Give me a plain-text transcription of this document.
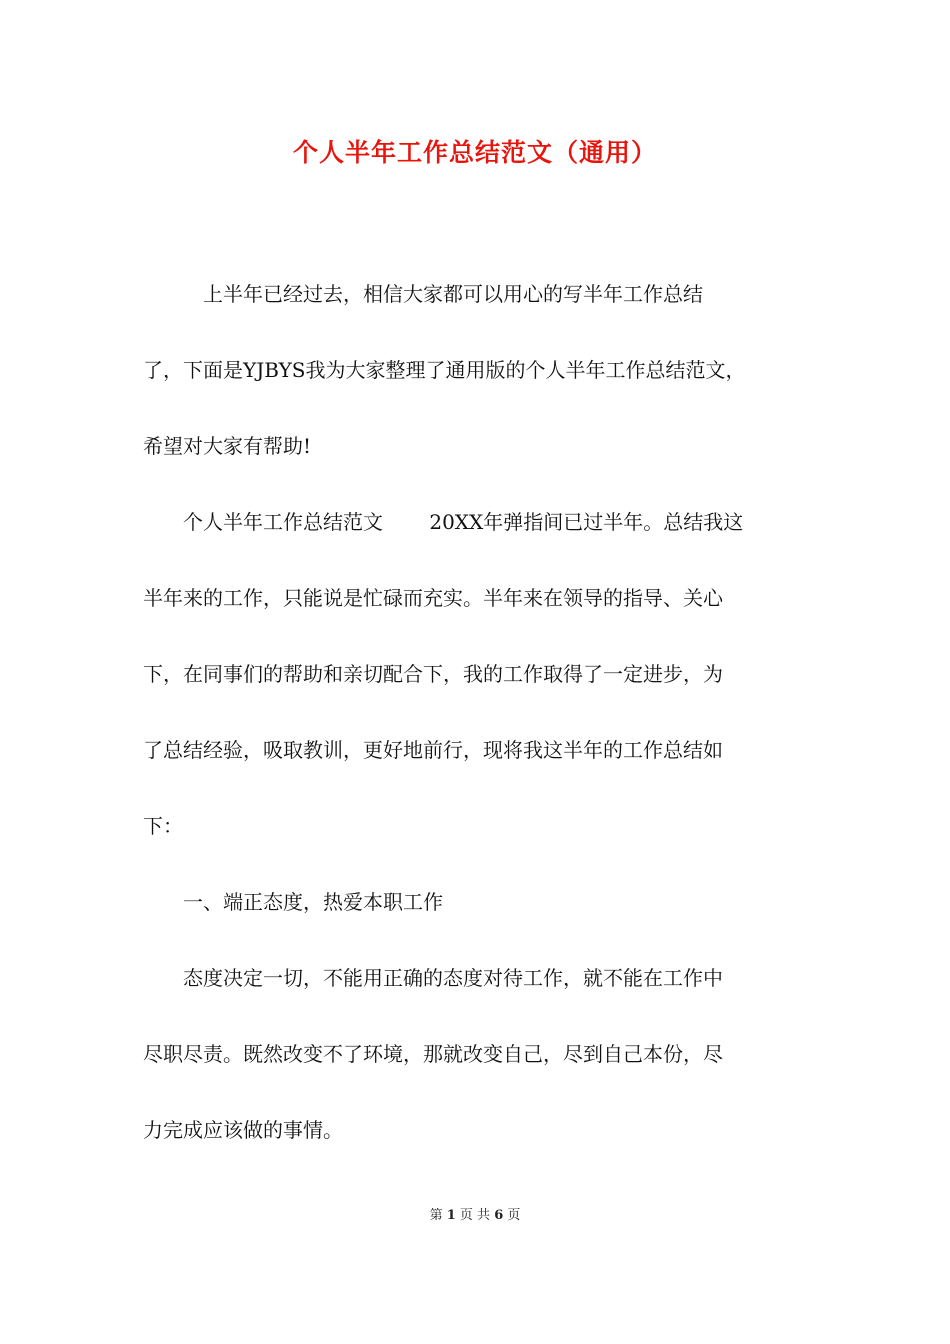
个人半年工作总结范文（通用）
　　　上半年已经过去，相信大家都可以用心的写半年工作总结
了，下面是YJBYS我为大家整理了通用版的个人半年工作总结范文，
希望对大家有帮助!
　　个人半年工作总结范文　　 20XX年弹指间已过半年。总结我这
半年来的工作，只能说是忙碌而充实。半年来在领导的指导、关心
下，在同事们的帮助和亲切配合下，我的工作取得了一定进步，为
了总结经验，吸取教训，更好地前行，现将我这半年的工作总结如
下：
　　一、端正态度，热爱本职工作
　　态度决定一切，不能用正确的态度对待工作，就不能在工作中
尽职尽责。既然改变不了环境，那就改变自己，尽到自己本份，尽
力完成应该做的事情。
第 1 页 共 6 页
